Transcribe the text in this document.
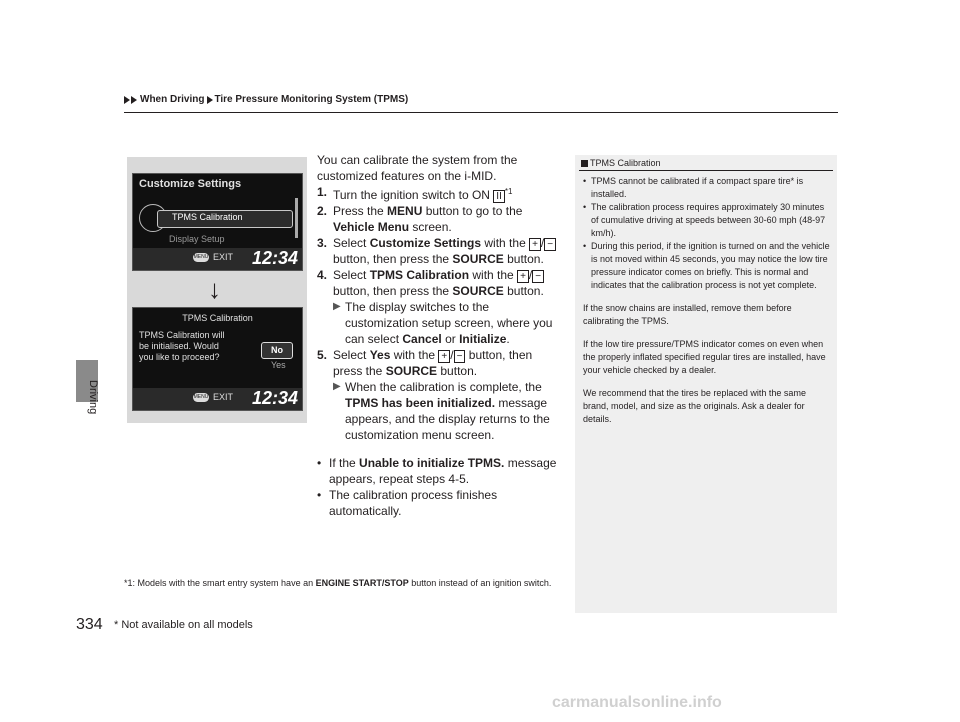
When Driving Tire Pressure Monitoring System (TPMS)
Driving
Customize Settings
TPMS Calibration
Display Setup
MENU EXIT 12:34
↓
TPMS Calibration
TPMS Calibration will be initialised. Would you like to proceed?
No
Yes
MENU EXIT 12:34

You can calibrate the system from the customized features on the i-MID.

1. Turn the ignition switch to ON II $^{*1}$
2. Press the MENU button to go to the Vehicle Menu screen.
3. Select Customize Settings with the + / − button, then press the SOURCE button.
4. Select TPMS Calibration with the + / − button, then press the SOURCE button.
▶ The display switches to the customization setup screen, where you can select Cancel or Initialize.
5. Select Yes with the + / − button, then press the SOURCE button.
▶ When the calibration is complete, the TPMS has been initialized. message appears, and the display returns to the customization menu screen.
• If the Unable to initialize TPMS. message appears, repeat steps 4-5.
• The calibration process finishes automatically.
*1: Models with the smart entry system have an ENGINE START/STOP button instead of an ignition switch.
TPMS Calibration
• TPMS cannot be calibrated if a compact spare tire* is installed.
• The calibration process requires approximately 30 minutes of cumulative driving at speeds between 30-60 mph (48-97 km/h).
• During this period, if the ignition is turned on and the vehicle is not moved within 45 seconds, you may notice the low tire pressure indicator comes on briefly. This is normal and indicates that the calibration process is not yet complete.

If the snow chains are installed, remove them before calibrating the TPMS.

If the low tire pressure/TPMS indicator comes on even when the properly inflated specified regular tires are installed, have your vehicle checked by a dealer.

We recommend that the tires be replaced with the same brand, model, and size as the originals. Ask a dealer for details.

334 * Not available on all models
carmanualsonline.info
